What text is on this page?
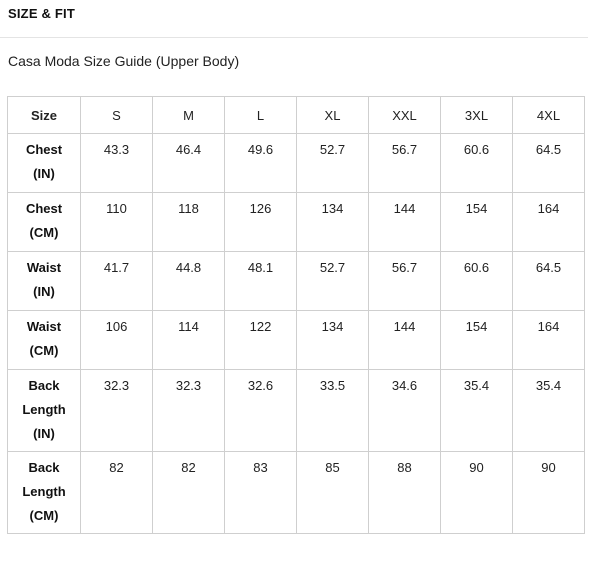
SIZE & FIT
Casa Moda Size Guide (Upper Body)
Size	S	M	L	XL	XXL	3XL	4XL

Chest
(IN)	43.3	46.4	49.6	52.7	56.7	60.6	64.5

Chest
(CM)	110	118	126	134	144	154	164

Waist
(IN)	41.7	44.8	48.1	52.7	56.7	60.6	64.5

Waist
(CM)	106	114	122	134	144	154	164

Back
Length
(IN)	32.3	32.3	32.6	33.5	34.6	35.4	35.4

Back
Length
(CM)	82	82	83	85	88	90	90
